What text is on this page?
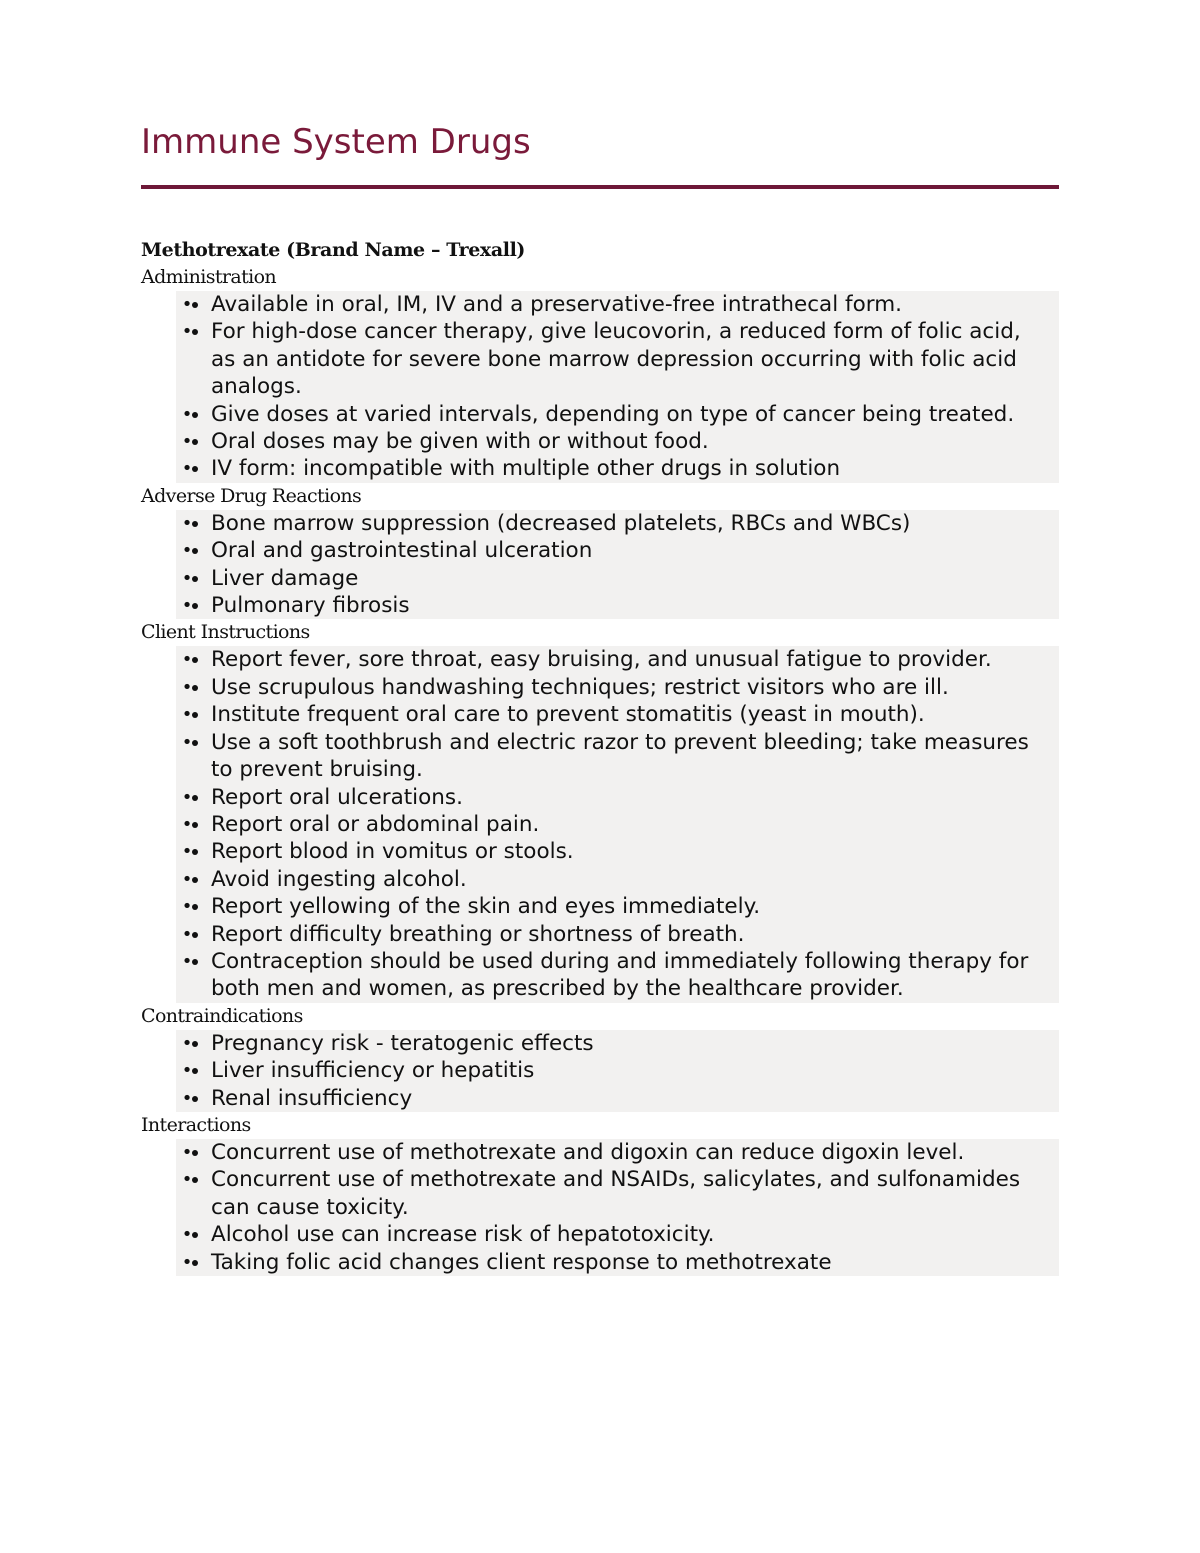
Immune System Drugs
Methotrexate (Brand Name – Trexall)
Administration
• • Available in oral, IM, IV and a preservative-free intrathecal form.
• • For high-dose cancer therapy, give leucovorin, a reduced form of folic acid, as an antidote for severe bone marrow depression occurring with folic acid analogs.
• • Give doses at varied intervals, depending on type of cancer being treated.
• • Oral doses may be given with or without food.
• • IV form: incompatible with multiple other drugs in solution
Adverse Drug Reactions
• • Bone marrow suppression (decreased platelets, RBCs and WBCs)
• • Oral and gastrointestinal ulceration
• • Liver damage
• • Pulmonary fibrosis
Client Instructions
• • Report fever, sore throat, easy bruising, and unusual fatigue to provider.
• • Use scrupulous handwashing techniques; restrict visitors who are ill.
• • Institute frequent oral care to prevent stomatitis (yeast in mouth).
• • Use a soft toothbrush and electric razor to prevent bleeding; take measures to prevent bruising.
• • Report oral ulcerations.
• • Report oral or abdominal pain.
• • Report blood in vomitus or stools.
• • Avoid ingesting alcohol.
• • Report yellowing of the skin and eyes immediately.
• • Report difficulty breathing or shortness of breath.
• • Contraception should be used during and immediately following therapy for both men and women, as prescribed by the healthcare provider.
Contraindications
• • Pregnancy risk - teratogenic effects
• • Liver insufficiency or hepatitis
• • Renal insufficiency
Interactions
• • Concurrent use of methotrexate and digoxin can reduce digoxin level.
• • Concurrent use of methotrexate and NSAIDs, salicylates, and sulfonamides can cause toxicity.
• • Alcohol use can increase risk of hepatotoxicity.
• • Taking folic acid changes client response to methotrexate
